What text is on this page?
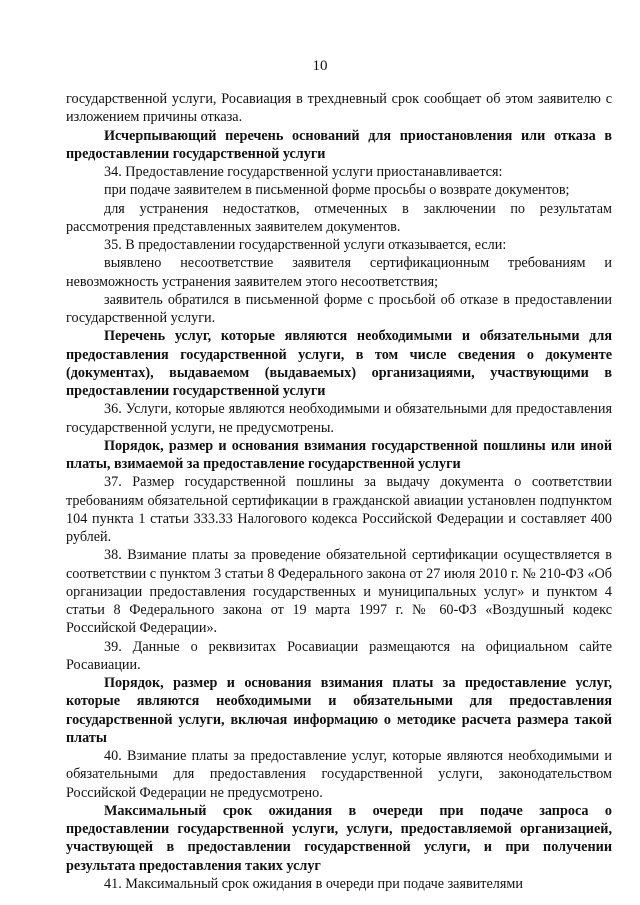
10

государственной услуги, Росавиация в трехдневный срок сообщает об этом заявителю с изложением причины отказа.

Исчерпывающий перечень оснований для приостановления или отказа в предоставлении государственной услуги

34. Предоставление государственной услуги приостанавливается:

при подаче заявителем в письменной форме просьбы о возврате документов;

для устранения недостатков, отмеченных в заключении по результатам рассмотрения представленных заявителем документов.

35. В предоставлении государственной услуги отказывается, если:

выявлено несоответствие заявителя сертификационным требованиям и невозможность устранения заявителем этого несоответствия;

заявитель обратился в письменной форме с просьбой об отказе в предоставлении государственной услуги.

Перечень услуг, которые являются необходимыми и обязательными для предоставления государственной услуги, в том числе сведения о документе (документах), выдаваемом (выдаваемых) организациями, участвующими в предоставлении государственной услуги

36. Услуги, которые являются необходимыми и обязательными для предоставления государственной услуги, не предусмотрены.

Порядок, размер и основания взимания государственной пошлины или иной платы, взимаемой за предоставление государственной услуги

37. Размер государственной пошлины за выдачу документа о соответствии требованиям обязательной сертификации в гражданской авиации установлен подпунктом 104 пункта 1 статьи 333.33 Налогового кодекса Российской Федерации и составляет 400 рублей.

38. Взимание платы за проведение обязательной сертификации осуществляется в соответствии с пунктом 3 статьи 8 Федерального закона от 27 июля 2010 г. № 210-ФЗ «Об организации предоставления государственных и муниципальных услуг» и пунктом 4 статьи 8 Федерального закона от 19 марта 1997 г. № 60-ФЗ «Воздушный кодекс Российской Федерации».

39. Данные о реквизитах Росавиации размещаются на официальном сайте Росавиации.

Порядок, размер и основания взимания платы за предоставление услуг, которые являются необходимыми и обязательными для предоставления государственной услуги, включая информацию о методике расчета размера такой платы

40. Взимание платы за предоставление услуг, которые являются необходимыми и обязательными для предоставления государственной услуги, законодательством Российской Федерации не предусмотрено.

Максимальный срок ожидания в очереди при подаче запроса о предоставлении государственной услуги, услуги, предоставляемой организацией, участвующей в предоставлении государственной услуги, и при получении результата предоставления таких услуг

41. Максимальный срок ожидания в очереди при подаче заявителями
